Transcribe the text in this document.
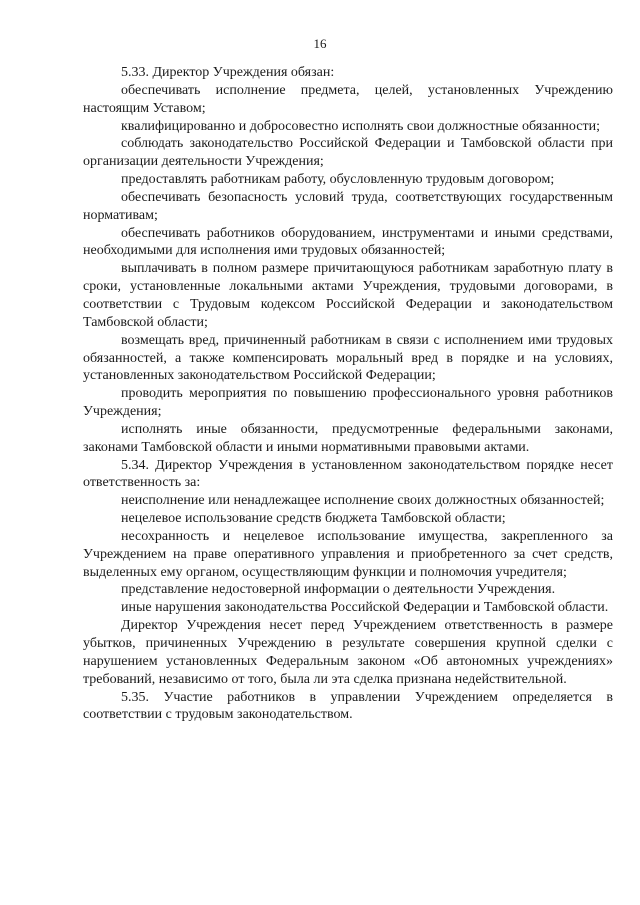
16

5.33. Директор Учреждения обязан:

обеспечивать исполнение предмета, целей, установленных Учреждению настоящим Уставом;

квалифицированно и добросовестно исполнять свои должностные обязанности;

соблюдать законодательство Российской Федерации и Тамбовской области при организации деятельности Учреждения;

предоставлять работникам работу, обусловленную трудовым договором;

обеспечивать безопасность условий труда, соответствующих государственным нормативам;

обеспечивать работников оборудованием, инструментами и иными средствами, необходимыми для исполнения ими трудовых обязанностей;

выплачивать в полном размере причитающуюся работникам заработную плату в сроки, установленные локальными актами Учреждения, трудовыми договорами, в соответствии с Трудовым кодексом Российской Федерации и законодательством Тамбовской области;

возмещать вред, причиненный работникам в связи с исполнением ими трудовых обязанностей, а также компенсировать моральный вред в порядке и на условиях, установленных законодательством Российской Федерации;

проводить мероприятия по повышению профессионального уровня работников Учреждения;

исполнять иные обязанности, предусмотренные федеральными законами, законами Тамбовской области и иными нормативными правовыми актами.

5.34. Директор Учреждения в установленном законодательством порядке несет ответственность за:

неисполнение или ненадлежащее исполнение своих должностных обязанностей;

нецелевое использование средств бюджета Тамбовской области;

несохранность и нецелевое использование имущества, закрепленного за Учреждением на праве оперативного управления и приобретенного за счет средств, выделенных ему органом, осуществляющим функции и полномочия учредителя;

представление недостоверной информации о деятельности Учреждения.

иные нарушения законодательства Российской Федерации и Тамбовской области.

Директор Учреждения несет перед Учреждением ответственность в размере убытков, причиненных Учреждению в результате совершения крупной сделки с нарушением установленных Федеральным законом «Об автономных учреждениях» требований, независимо от того, была ли эта сделка признана недействительной.

5.35. Участие работников в управлении Учреждением определяется в соответствии с трудовым законодательством.
